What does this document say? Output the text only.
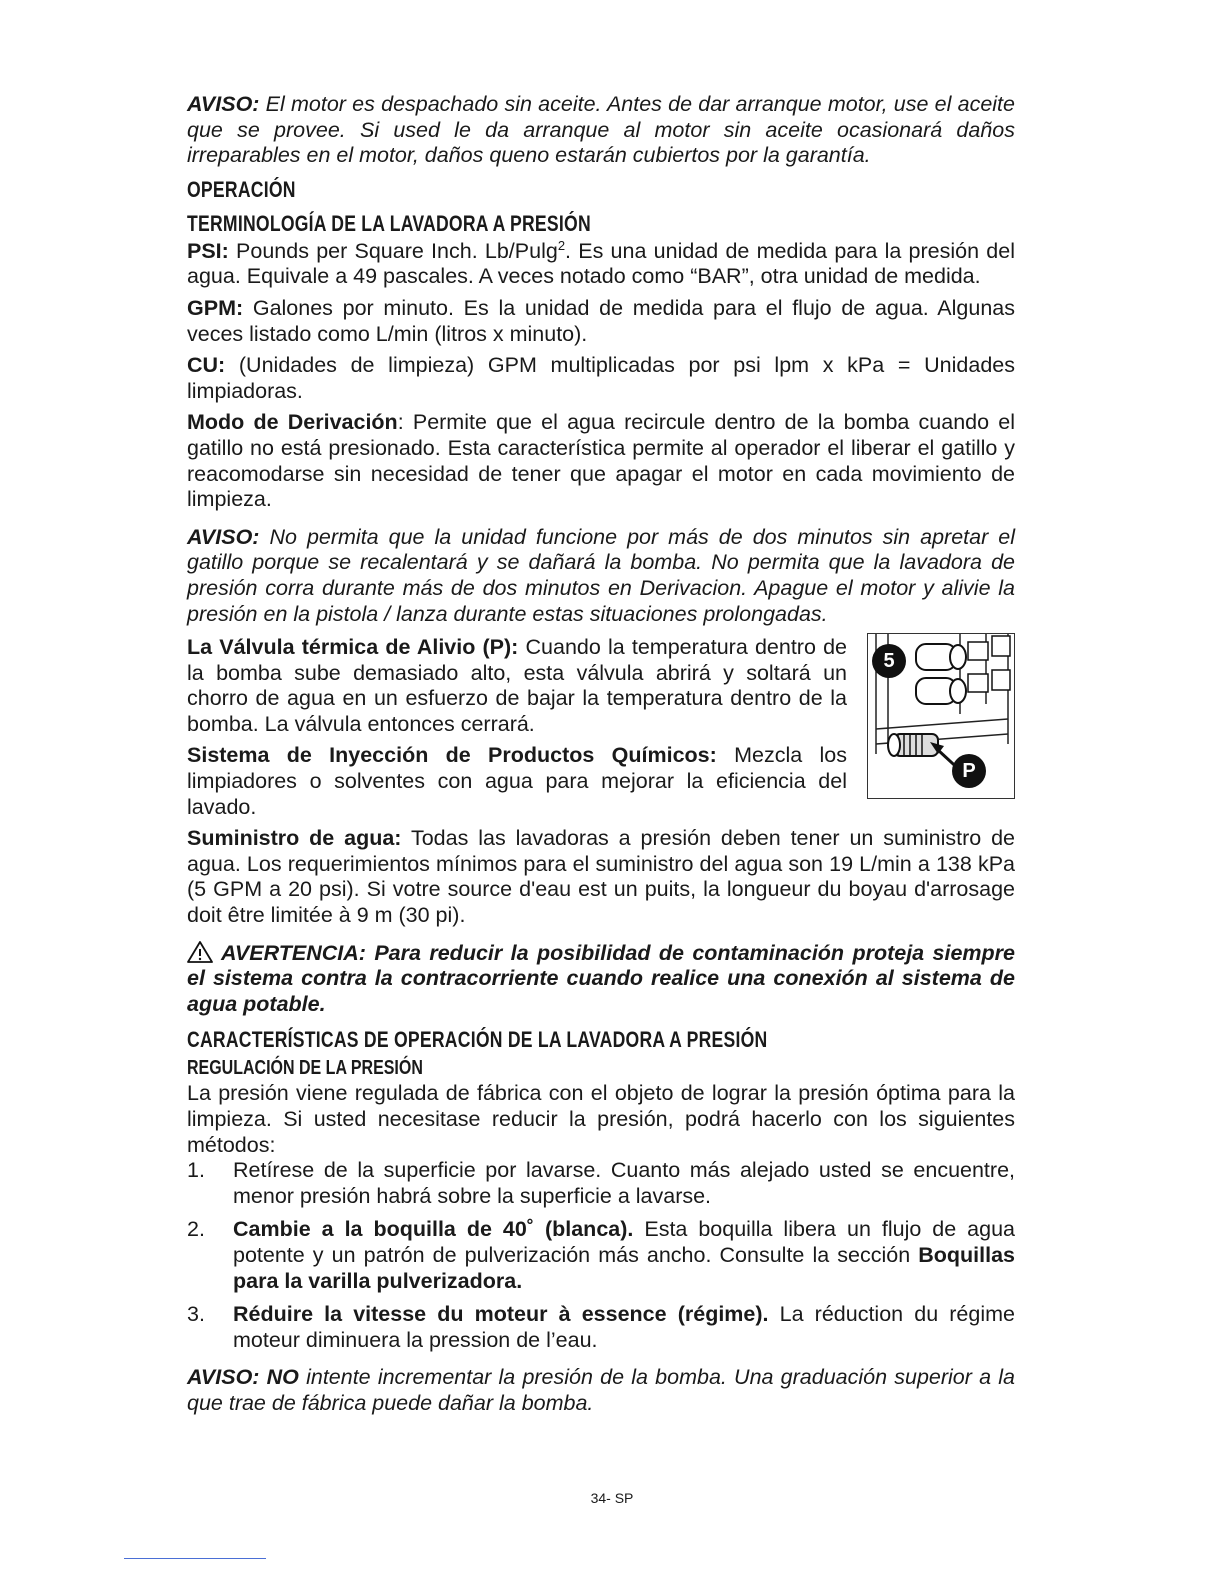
AVISO: El motor es despachado sin aceite. Antes de dar arranque motor, use el aceite que se provee. Si used le da arranque al motor sin aceite ocasionará daños irreparables en el motor, daños queno estarán cubiertos por la garantía.

OPERACIÓN

TERMINOLOGÍA DE LA LAVADORA A PRESIÓN

PSI: Pounds per Square Inch. Lb/Pulg$^2$. Es una unidad de medida para la presión del agua. Equivale a 49 pascales. A veces notado como “BAR”, otra unidad de medida.

GPM: Galones por minuto. Es la unidad de medida para el flujo de agua. Algunas veces listado como L/min (litros x minuto).

CU: (Unidades de limpieza) GPM multiplicadas por psi lpm x kPa = Unidades limpiadoras.

Modo de Derivación: Permite que el agua recircule dentro de la bomba cuando el gatillo no está presionado. Esta característica permite al operador el liberar el gatillo y reacomodarse sin necesidad de tener que apagar el motor en cada movimiento de limpieza.

AVISO: No permita que la unidad funcione por más de dos minutos sin apretar el gatillo porque se recalentará y se dañará la bomba. No permita que la lavadora de presión corra durante más de dos minutos en Derivacion. Apague el motor y alivie la presión en la pistola / lanza durante estas situaciones prolongadas.

5
P

La Válvula térmica de Alivio (P): Cuando la temperatura dentro de la bomba sube demasiado alto, esta válvula abrirá y soltará un chorro de agua en un esfuerzo de bajar la temperatura dentro de la bomba. La válvula entonces cerrará.

Sistema de Inyección de Productos Químicos: Mezcla los limpiadores o solventes con agua para mejorar la eficiencia del lavado.

Suministro de agua: Todas las lavadoras a presión deben tener un suministro de agua. Los requerimientos mínimos para el suministro del agua son 19 L/min a 138 kPa (5 GPM a 20 psi). Si votre source d'eau est un puits, la longueur du boyau d'arrosage doit être limitée à 9 m (30 pi).

AVERTENCIA: Para reducir la posibilidad de contaminación proteja siempre el sistema contra la contracorriente cuando realice una conexión al sistema de agua potable.

CARACTERÍSTICAS DE OPERACIÓN DE LA LAVADORA A PRESIÓN

REGULACIÓN DE LA PRESIÓN

La presión viene regulada de fábrica con el objeto de lograr la presión óptima para la limpieza. Si usted necesitase reducir la presión, podrá hacerlo con los siguientes métodos:

1.	Retírese de la superficie por lavarse. Cuanto más alejado usted se encuentre, menor presión habrá sobre la superficie a lavarse.
2.	Cambie a la boquilla de 40˚ (blanca). Esta boquilla libera un flujo de agua potente y un patrón de pulverización más ancho. Consulte la sección Boquillas para la varilla pulverizadora.
3.	Réduire la vitesse du moteur à essence (régime). La réduction du régime moteur diminuera la pression de l’eau.

AVISO: NO intente incrementar la presión de la bomba. Una graduación superior a la que trae de fábrica puede dañar la bomba.

34- SP
